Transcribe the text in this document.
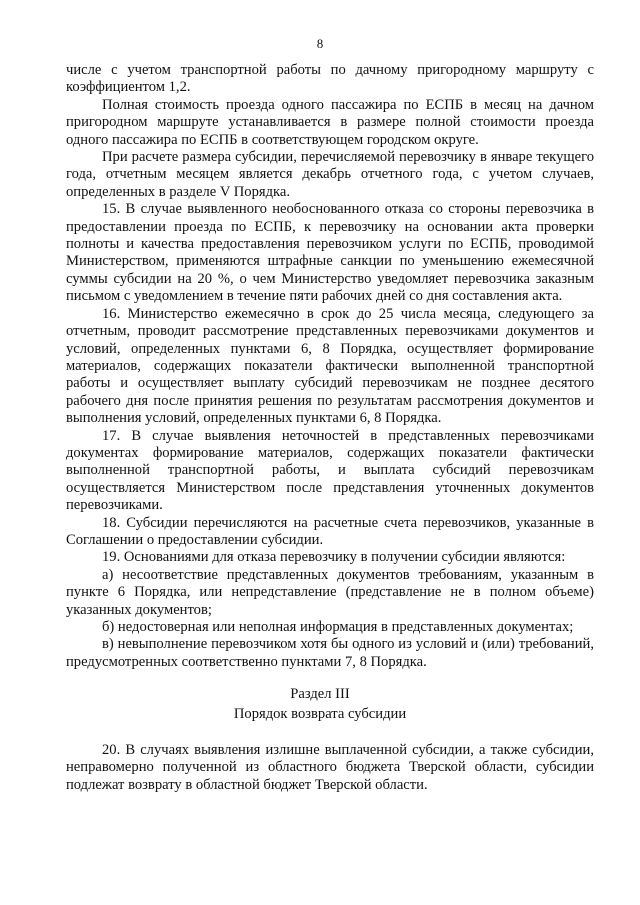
8

числе с учетом транспортной работы по дачному пригородному маршруту с коэффициентом 1,2.

Полная стоимость проезда одного пассажира по ЕСПБ в месяц на дачном пригородном маршруте устанавливается в размере полной стоимости проезда одного пассажира по ЕСПБ в соответствующем городском округе.

При расчете размера субсидии, перечисляемой перевозчику в январе текущего года, отчетным месяцем является декабрь отчетного года, с учетом случаев, определенных в разделе V Порядка.

15. В случае выявленного необоснованного отказа со стороны перевозчика в предоставлении проезда по ЕСПБ, к перевозчику на основании акта проверки полноты и качества предоставления перевозчиком услуги по ЕСПБ, проводимой Министерством, применяются штрафные санкции по уменьшению ежемесячной суммы субсидии на 20 %, о чем Министерство уведомляет перевозчика заказным письмом с уведомлением в течение пяти рабочих дней со дня составления акта.

16. Министерство ежемесячно в срок до 25 числа месяца, следующего за отчетным, проводит рассмотрение представленных перевозчиками документов и условий, определенных пунктами 6, 8 Порядка, осуществляет формирование материалов, содержащих показатели фактически выполненной транспортной работы и осуществляет выплату субсидий перевозчикам не позднее десятого рабочего дня после принятия решения по результатам рассмотрения документов и выполнения условий, определенных пунктами 6, 8 Порядка.

17. В случае выявления неточностей в представленных перевозчиками документах формирование материалов, содержащих показатели фактически выполненной транспортной работы, и выплата субсидий перевозчикам осуществляется Министерством после представления уточненных документов перевозчиками.

18. Субсидии перечисляются на расчетные счета перевозчиков, указанные в Соглашении о предоставлении субсидии.

19. Основаниями для отказа перевозчику в получении субсидии являются:

а) несоответствие представленных документов требованиям, указанным в пункте 6 Порядка, или непредставление (представление не в полном объеме) указанных документов;

б) недостоверная или неполная информация в представленных документах;

в) невыполнение перевозчиком хотя бы одного из условий и (или) требований, предусмотренных соответственно пунктами 7, 8 Порядка.

Раздел III
Порядок возврата субсидии

20. В случаях выявления излишне выплаченной субсидии, а также субсидии, неправомерно полученной из областного бюджета Тверской области, субсидии подлежат возврату в областной бюджет Тверской области.
